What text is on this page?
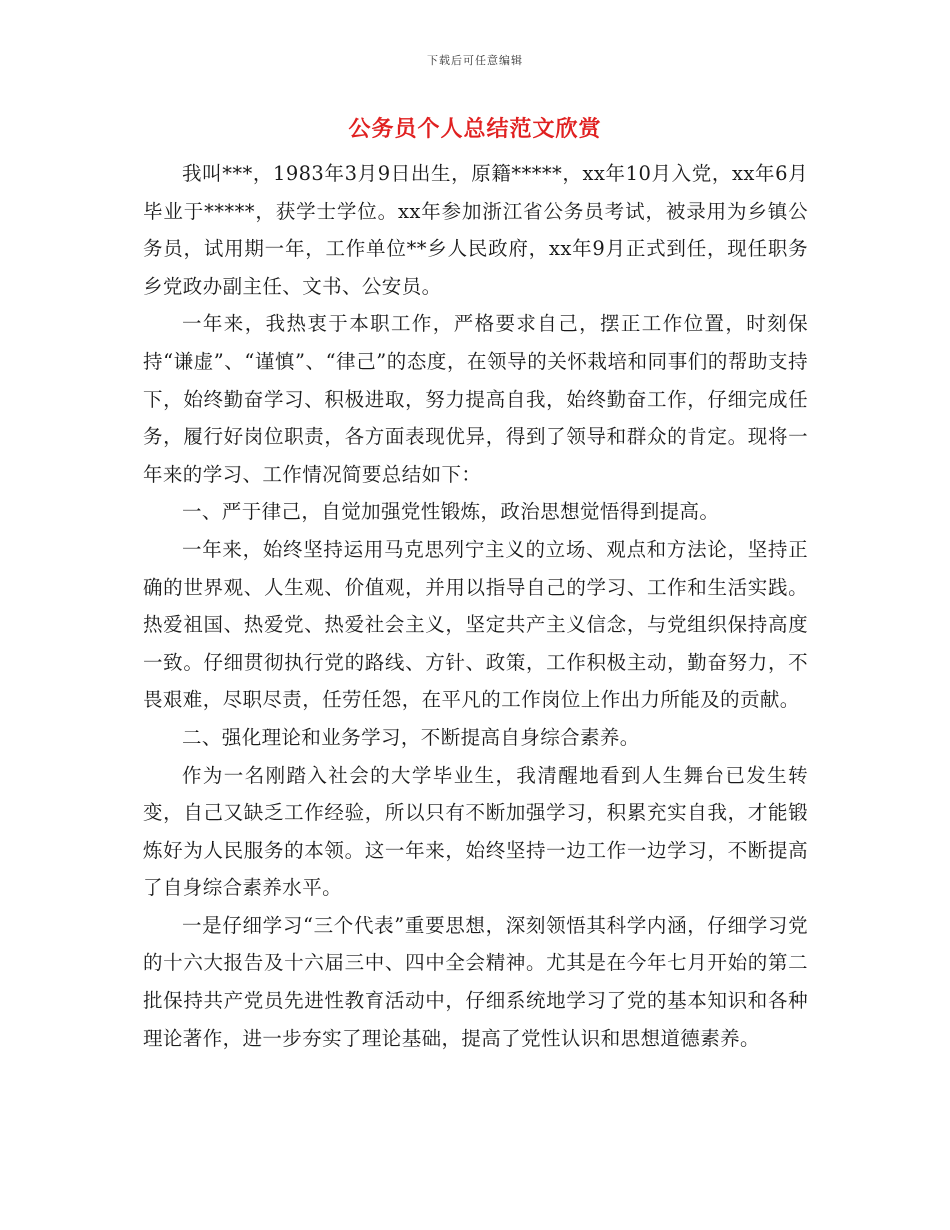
下载后可任意编辑
公务员个人总结范文欣赏

我叫***，1983年3月9日出生，原籍*****，xx年10月入党，xx年6月毕业于*****，获学士学位。xx年参加浙江省公务员考试，被录用为乡镇公务员，试用期一年，工作单位**乡人民政府，xx年9月正式到任，现任职务乡党政办副主任、文书、公安员。

一年来，我热衷于本职工作，严格要求自己，摆正工作位置，时刻保持“谦虚”、“谨慎”、“律己”的态度，在领导的关怀栽培和同事们的帮助支持下，始终勤奋学习、积极进取，努力提高自我，始终勤奋工作，仔细完成任务，履行好岗位职责，各方面表现优异，得到了领导和群众的肯定。现将一年来的学习、工作情况简要总结如下：

一、严于律己，自觉加强党性锻炼，政治思想觉悟得到提高。

一年来，始终坚持运用马克思列宁主义的立场、观点和方法论，坚持正确的世界观、人生观、价值观，并用以指导自己的学习、工作和生活实践。热爱祖国、热爱党、热爱社会主义，坚定共产主义信念，与党组织保持高度一致。仔细贯彻执行党的路线、方针、政策，工作积极主动，勤奋努力，不畏艰难，尽职尽责，任劳任怨，在平凡的工作岗位上作出力所能及的贡献。

二、强化理论和业务学习，不断提高自身综合素养。

作为一名刚踏入社会的大学毕业生，我清醒地看到人生舞台已发生转变，自己又缺乏工作经验，所以只有不断加强学习，积累充实自我，才能锻炼好为人民服务的本领。这一年来，始终坚持一边工作一边学习，不断提高了自身综合素养水平。

一是仔细学习“三个代表”重要思想，深刻领悟其科学内涵，仔细学习党的十六大报告及十六届三中、四中全会精神。尤其是在今年七月开始的第二批保持共产党员先进性教育活动中，仔细系统地学习了党的基本知识和各种理论著作，进一步夯实了理论基础，提高了党性认识和思想道德素养。
